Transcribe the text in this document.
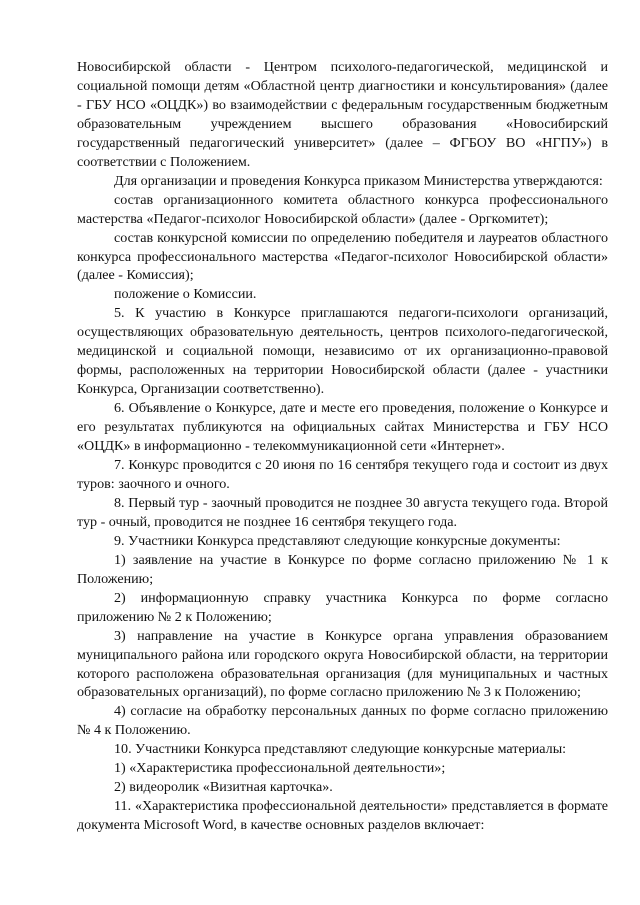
Новосибирской области - Центром психолого-педагогической, медицинской и социальной помощи детям «Областной центр диагностики и консультирования» (далее - ГБУ НСО «ОЦДК») во взаимодействии с федеральным государственным бюджетным образовательным учреждением высшего образования «Новосибирский государственный педагогический университет» (далее – ФГБОУ ВО «НГПУ») в соответствии с Положением.

Для организации и проведения Конкурса приказом Министерства утверждаются:

состав организационного комитета областного конкурса профессионального мастерства «Педагог-психолог Новосибирской области» (далее - Оргкомитет);

состав конкурсной комиссии по определению победителя и лауреатов областного конкурса профессионального мастерства «Педагог-психолог Новосибирской области» (далее - Комиссия);

положение о Комиссии.

5. К участию в Конкурсе приглашаются педагоги-психологи организаций, осуществляющих образовательную деятельность, центров психолого-педагогической, медицинской и социальной помощи, независимо от их организационно-правовой формы, расположенных на территории Новосибирской области (далее - участники Конкурса, Организации соответственно).

6. Объявление о Конкурсе, дате и месте его проведения, положение о Конкурсе и его результатах публикуются на официальных сайтах Министерства и ГБУ НСО «ОЦДК» в информационно - телекоммуникационной сети «Интернет».

7. Конкурс проводится с 20 июня по 16 сентября текущего года и состоит из двух туров: заочного и очного.

8. Первый тур - заочный проводится не позднее 30 августа текущего года. Второй тур - очный, проводится не позднее 16 сентября текущего года.

9. Участники Конкурса представляют следующие конкурсные документы:

1) заявление на участие в Конкурсе по форме согласно приложению № 1 к Положению;

2) информационную справку участника Конкурса по форме согласно приложению № 2 к Положению;

3) направление на участие в Конкурсе органа управления образованием муниципального района или городского округа Новосибирской области, на территории которого расположена образовательная организация (для муниципальных и частных образовательных организаций), по форме согласно приложению № 3 к Положению;

4) согласие на обработку персональных данных по форме согласно приложению № 4 к Положению.

10. Участники Конкурса представляют следующие конкурсные материалы:

1) «Характеристика профессиональной деятельности»;

2) видеоролик «Визитная карточка».

11. «Характеристика профессиональной деятельности» представляется в формате документа Microsoft Word, в качестве основных разделов включает:
